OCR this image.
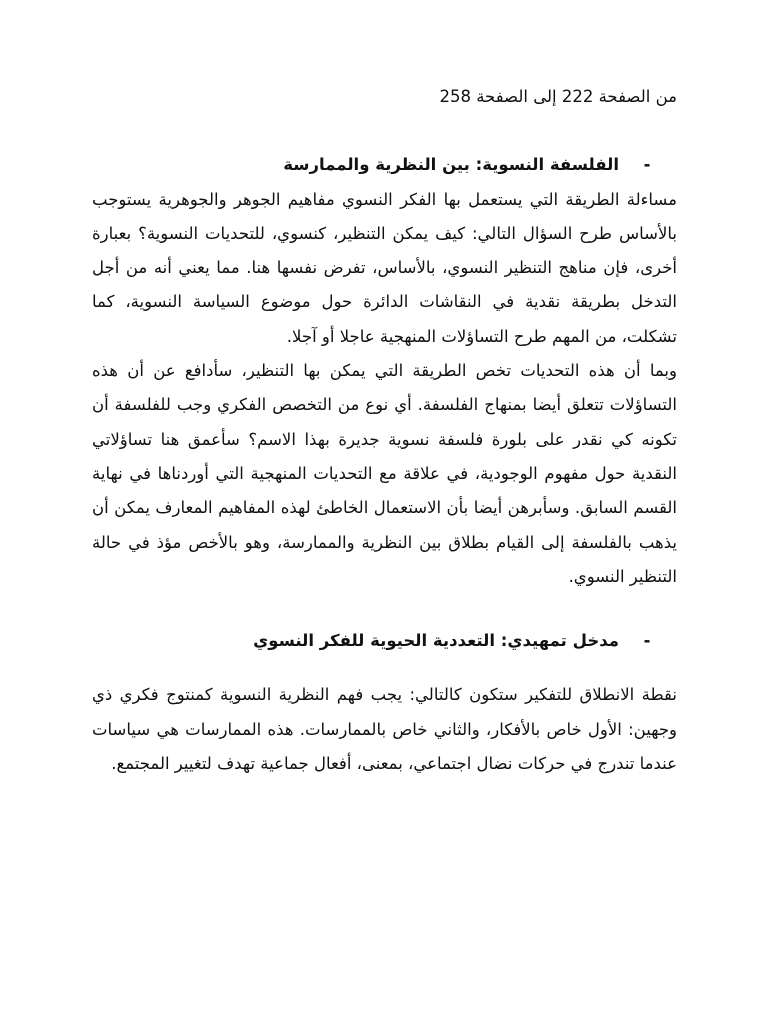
من الصفحة 222 إلى الصفحة 258

-
الفلسفة النسوية: بين النظرية والممارسة

مساءلة الطريقة التي يستعمل بها الفكر النسوي مفاهيم الجوهر والجوهرية يستوجب بالأساس طرح السؤال التالي: كيف يمكن التنظير، كنسوي، للتحديات النسوية؟ بعبارة أخرى، فإن مناهج التنظير النسوي، بالأساس، تفرض نفسها هنا. مما يعني أنه من أجل التدخل بطريقة نقدية في النقاشات الدائرة حول موضوع السياسة النسوية، كما تشكلت، من المهم طرح التساؤلات المنهجية عاجلا أو آجلا.

وبما أن هذه التحديات تخص الطريقة التي يمكن بها التنظير، سأدافع عن أن هذه التساؤلات تتعلق أيضا بمنهاج الفلسفة. أي نوع من التخصص الفكري وجب للفلسفة أن تكونه كي نقدر على بلورة فلسفة نسوية جديرة بهذا الاسم؟ سأعمق هنا تساؤلاتي النقدية حول مفهوم الوجودية، في علاقة مع التحديات المنهجية التي أوردناها في نهاية القسم السابق. وسأبرهن أيضا بأن الاستعمال الخاطئ لهذه المفاهيم المعارف يمكن أن يذهب بالفلسفة إلى القيام بطلاق بين النظرية والممارسة، وهو بالأخص مؤذ في حالة التنظير النسوي.

-
مدخل تمهيدي: التعددية الحيوية للفكر النسوي

نقطة الانطلاق للتفكير ستكون كالتالي: يجب فهم النظرية النسوية كمنتوج فكري ذي وجهين: الأول خاص بالأفكار، والثاني خاص بالممارسات. هذه الممارسات هي سياسات عندما تندرج في حركات نضال اجتماعي، بمعنى، أفعال جماعية تهدف لتغيير المجتمع.
